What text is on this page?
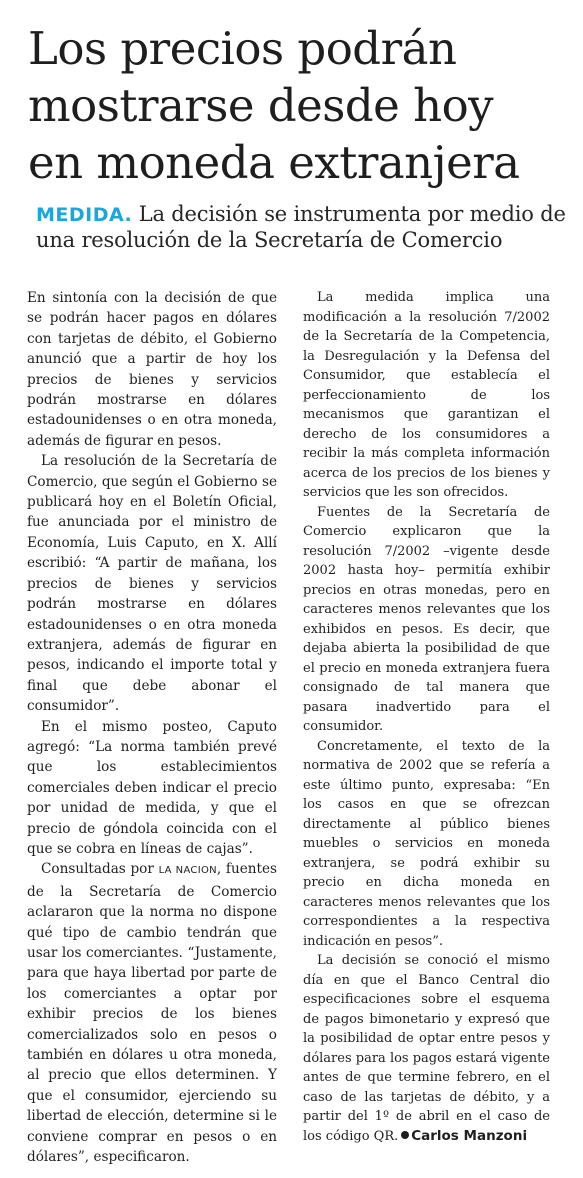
Los precios podrán
mostrarse desde hoy
en moneda extranjera

MEDIDA. La decisión se instrumenta por medio de una resolución de la Secretaría de Comercio

En sintonía con la decisión de que se podrán hacer pagos en dólares con tarjetas de débito, el Gobierno anunció que a partir de hoy los precios de bienes y servicios podrán mostrarse en dólares estadounidenses o en otra moneda, además de figurar en pesos.

La resolución de la Secretaría de Comercio, que según el Gobierno se publicará hoy en el Boletín Oficial, fue anunciada por el ministro de Economía, Luis Caputo, en X. Allí escribió: “A partir de mañana, los precios de bienes y servicios podrán mostrarse en dólares estadounidenses o en otra moneda extranjera, además de figurar en pesos, indicando el importe total y final que debe abonar el consumidor”.

En el mismo posteo, Caputo agregó: “La norma también prevé que los establecimientos comerciales deben indicar el precio por unidad de medida, y que el precio de góndola coincida con el que se cobra en líneas de cajas”.

Consultadas por LA NACION, fuentes de la Secretaría de Comercio aclararon que la norma no dispone qué tipo de cambio tendrán que usar los comerciantes. “Justamente, para que haya libertad por parte de los comerciantes a optar por exhibir precios de los bienes comercializados solo en pesos o también en dólares u otra moneda, al precio que ellos determinen. Y que el consumidor, ejerciendo su libertad de elección, determine si le conviene comprar en pesos o en dólares”, especificaron.

La medida implica una modificación a la resolución 7/2002 de la Secretaría de la Competencia, la Desregulación y la Defensa del Consumidor, que establecía el perfeccionamiento de los mecanismos que garantizan el derecho de los consumidores a recibir la más completa información acerca de los precios de los bienes y servicios que les son ofrecidos.

Fuentes de la Secretaría de Comercio explicaron que la resolución 7/2002 –vigente desde 2002 hasta hoy– permitía exhibir precios en otras monedas, pero en caracteres menos relevantes que los exhibidos en pesos. Es decir, que dejaba abierta la posibilidad de que el precio en moneda extranjera fuera consignado de tal manera que pasara inadvertido para el consumidor.

Concretamente, el texto de la normativa de 2002 que se refería a este último punto, expresaba: “En los casos en que se ofrezcan directamente al público bienes muebles o servicios en moneda extranjera, se podrá exhibir su precio en dicha moneda en caracteres menos relevantes que los correspondientes a la respectiva indicación en pesos”.

La decisión se conoció el mismo día en que el Banco Central dio especificaciones sobre el esquema de pagos bimonetario y expresó que la posibilidad de optar entre pesos y dólares para los pagos estará vigente antes de que termine febrero, en el caso de las tarjetas de débito, y a partir del 1º de abril en el caso de los código QR. Carlos Manzoni
